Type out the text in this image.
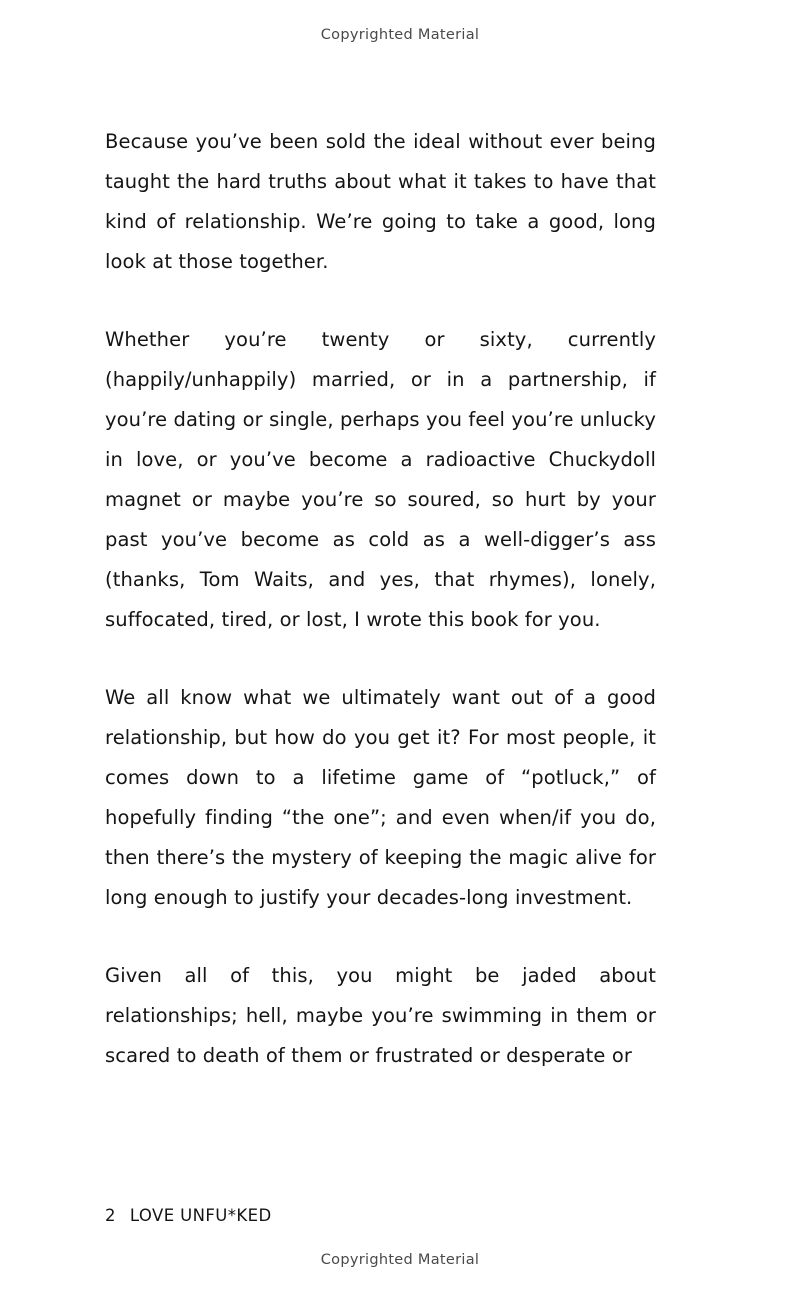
Copyrighted Material

Because you’ve been sold the ideal without ever being taught the hard truths about what it takes to have that kind of relationship. We’re going to take a good, long look at those together.

Whether you’re twenty or sixty, currently (happily/unhappily) married, or in a partnership, if you’re dating or single, perhaps you feel you’re unlucky in love, or you’ve become a radioactive Chuckydoll magnet or maybe you’re so soured, so hurt by your past you’ve become as cold as a well-digger’s ass (thanks, Tom Waits, and yes, that rhymes), lonely, suffocated, tired, or lost, I wrote this book for you.

We all know what we ultimately want out of a good relationship, but how do you get it? For most people, it comes down to a lifetime game of “potluck,” of hopefully finding “the one”; and even when/if you do, then there’s the mystery of keeping the magic alive for long enough to justify your decades-long investment.

Given all of this, you might be jaded about relationships; hell, maybe you’re swimming in them or scared to death of them or frustrated or desperate or

2 LOVE UNFU*KED

Copyrighted Material
